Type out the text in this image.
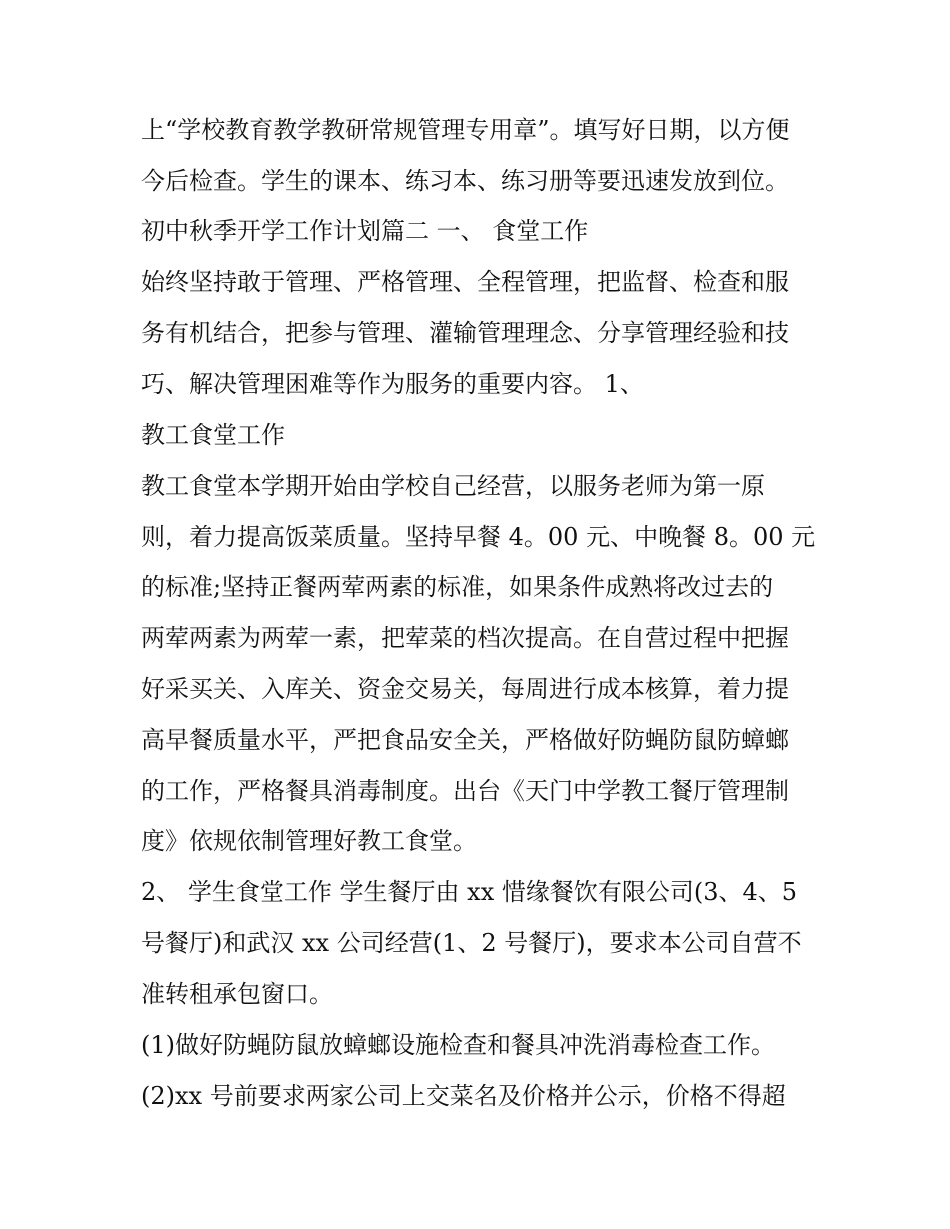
上“学校教育教学教研常规管理专用章”。填写好日期，以方便
今后检查。学生的课本、练习本、练习册等要迅速发放到位。
初中秋季开学工作计划篇二 一、 食堂工作
始终坚持敢于管理、严格管理、全程管理，把监督、检查和服
务有机结合，把参与管理、灌输管理理念、分享管理经验和技
巧、解决管理困难等作为服务的重要内容。 1、
教工食堂工作
教工食堂本学期开始由学校自己经营，以服务老师为第一原
则，着力提高饭菜质量。坚持早餐 4。00 元、中晚餐 8。00 元
的标准;坚持正餐两荤两素的标准，如果条件成熟将改过去的
两荤两素为两荤一素，把荤菜的档次提高。在自营过程中把握
好采买关、入库关、资金交易关，每周进行成本核算，着力提
高早餐质量水平，严把食品安全关，严格做好防蝇防鼠防蟑螂
的工作，严格餐具消毒制度。出台《天门中学教工餐厅管理制
度》依规依制管理好教工食堂。
2、 学生食堂工作 学生餐厅由 xx 惜缘餐饮有限公司(3、4、5
号餐厅)和武汉 xx 公司经营(1、2 号餐厅)，要求本公司自营不
准转租承包窗口。
(1)做好防蝇防鼠放蟑螂设施检查和餐具冲洗消毒检查工作。
(2)xx 号前要求两家公司上交菜名及价格并公示，价格不得超
